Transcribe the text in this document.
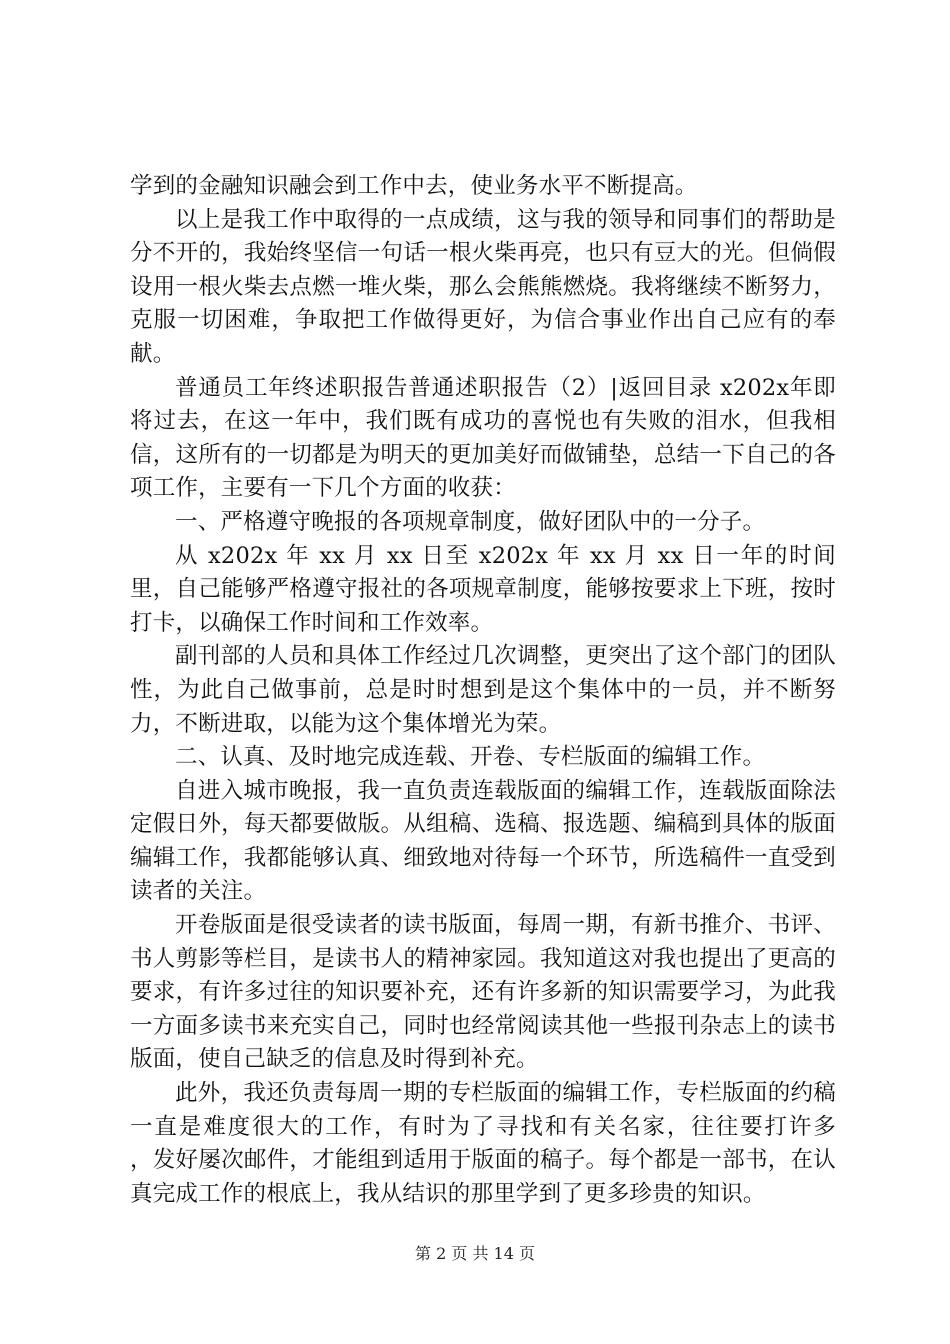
学到的金融知识融会到工作中去，使业务水平不断提高。

以上是我工作中取得的一点成绩，这与我的领导和同事们的帮助是分不开的，我始终坚信一句话一根火柴再亮，也只有豆大的光。但倘假设用一根火柴去点燃一堆火柴，那么会熊熊燃烧。我将继续不断努力，克服一切困难，争取把工作做得更好，为信合事业作出自己应有的奉献。

普通员工年终述职报告普通述职报告（2）|返回目录 x202x年即将过去，在这一年中，我们既有成功的喜悦也有失败的泪水，但我相信，这所有的一切都是为明天的更加美好而做铺垫，总结一下自己的各项工作，主要有一下几个方面的收获：

一、严格遵守晚报的各项规章制度，做好团队中的一分子。

从 x202x 年 xx 月 xx 日至 x202x 年 xx 月 xx 日一年的时间里，自己能够严格遵守报社的各项规章制度，能够按要求上下班，按时打卡，以确保工作时间和工作效率。

副刊部的人员和具体工作经过几次调整，更突出了这个部门的团队性，为此自己做事前，总是时时想到是这个集体中的一员，并不断努力，不断进取，以能为这个集体增光为荣。

二、认真、及时地完成连载、开卷、专栏版面的编辑工作。

自进入城市晚报，我一直负责连载版面的编辑工作，连载版面除法定假日外，每天都要做版。从组稿、选稿、报选题、编稿到具体的版面编辑工作，我都能够认真、细致地对待每一个环节，所选稿件一直受到读者的关注。

开卷版面是很受读者的读书版面，每周一期，有新书推介、书评、书人剪影等栏目，是读书人的精神家园。我知道这对我也提出了更高的要求，有许多过往的知识要补充，还有许多新的知识需要学习，为此我一方面多读书来充实自己，同时也经常阅读其他一些报刊杂志上的读书版面，使自己缺乏的信息及时得到补充。

此外，我还负责每周一期的专栏版面的编辑工作，专栏版面的约稿一直是难度很大的工作，有时为了寻找和有关名家，往往要打许多　　，发好屡次邮件，才能组到适用于版面的稿子。每个都是一部书，在认真完成工作的根底上，我从结识的那里学到了更多珍贵的知识。

第 2 页 共 14 页
